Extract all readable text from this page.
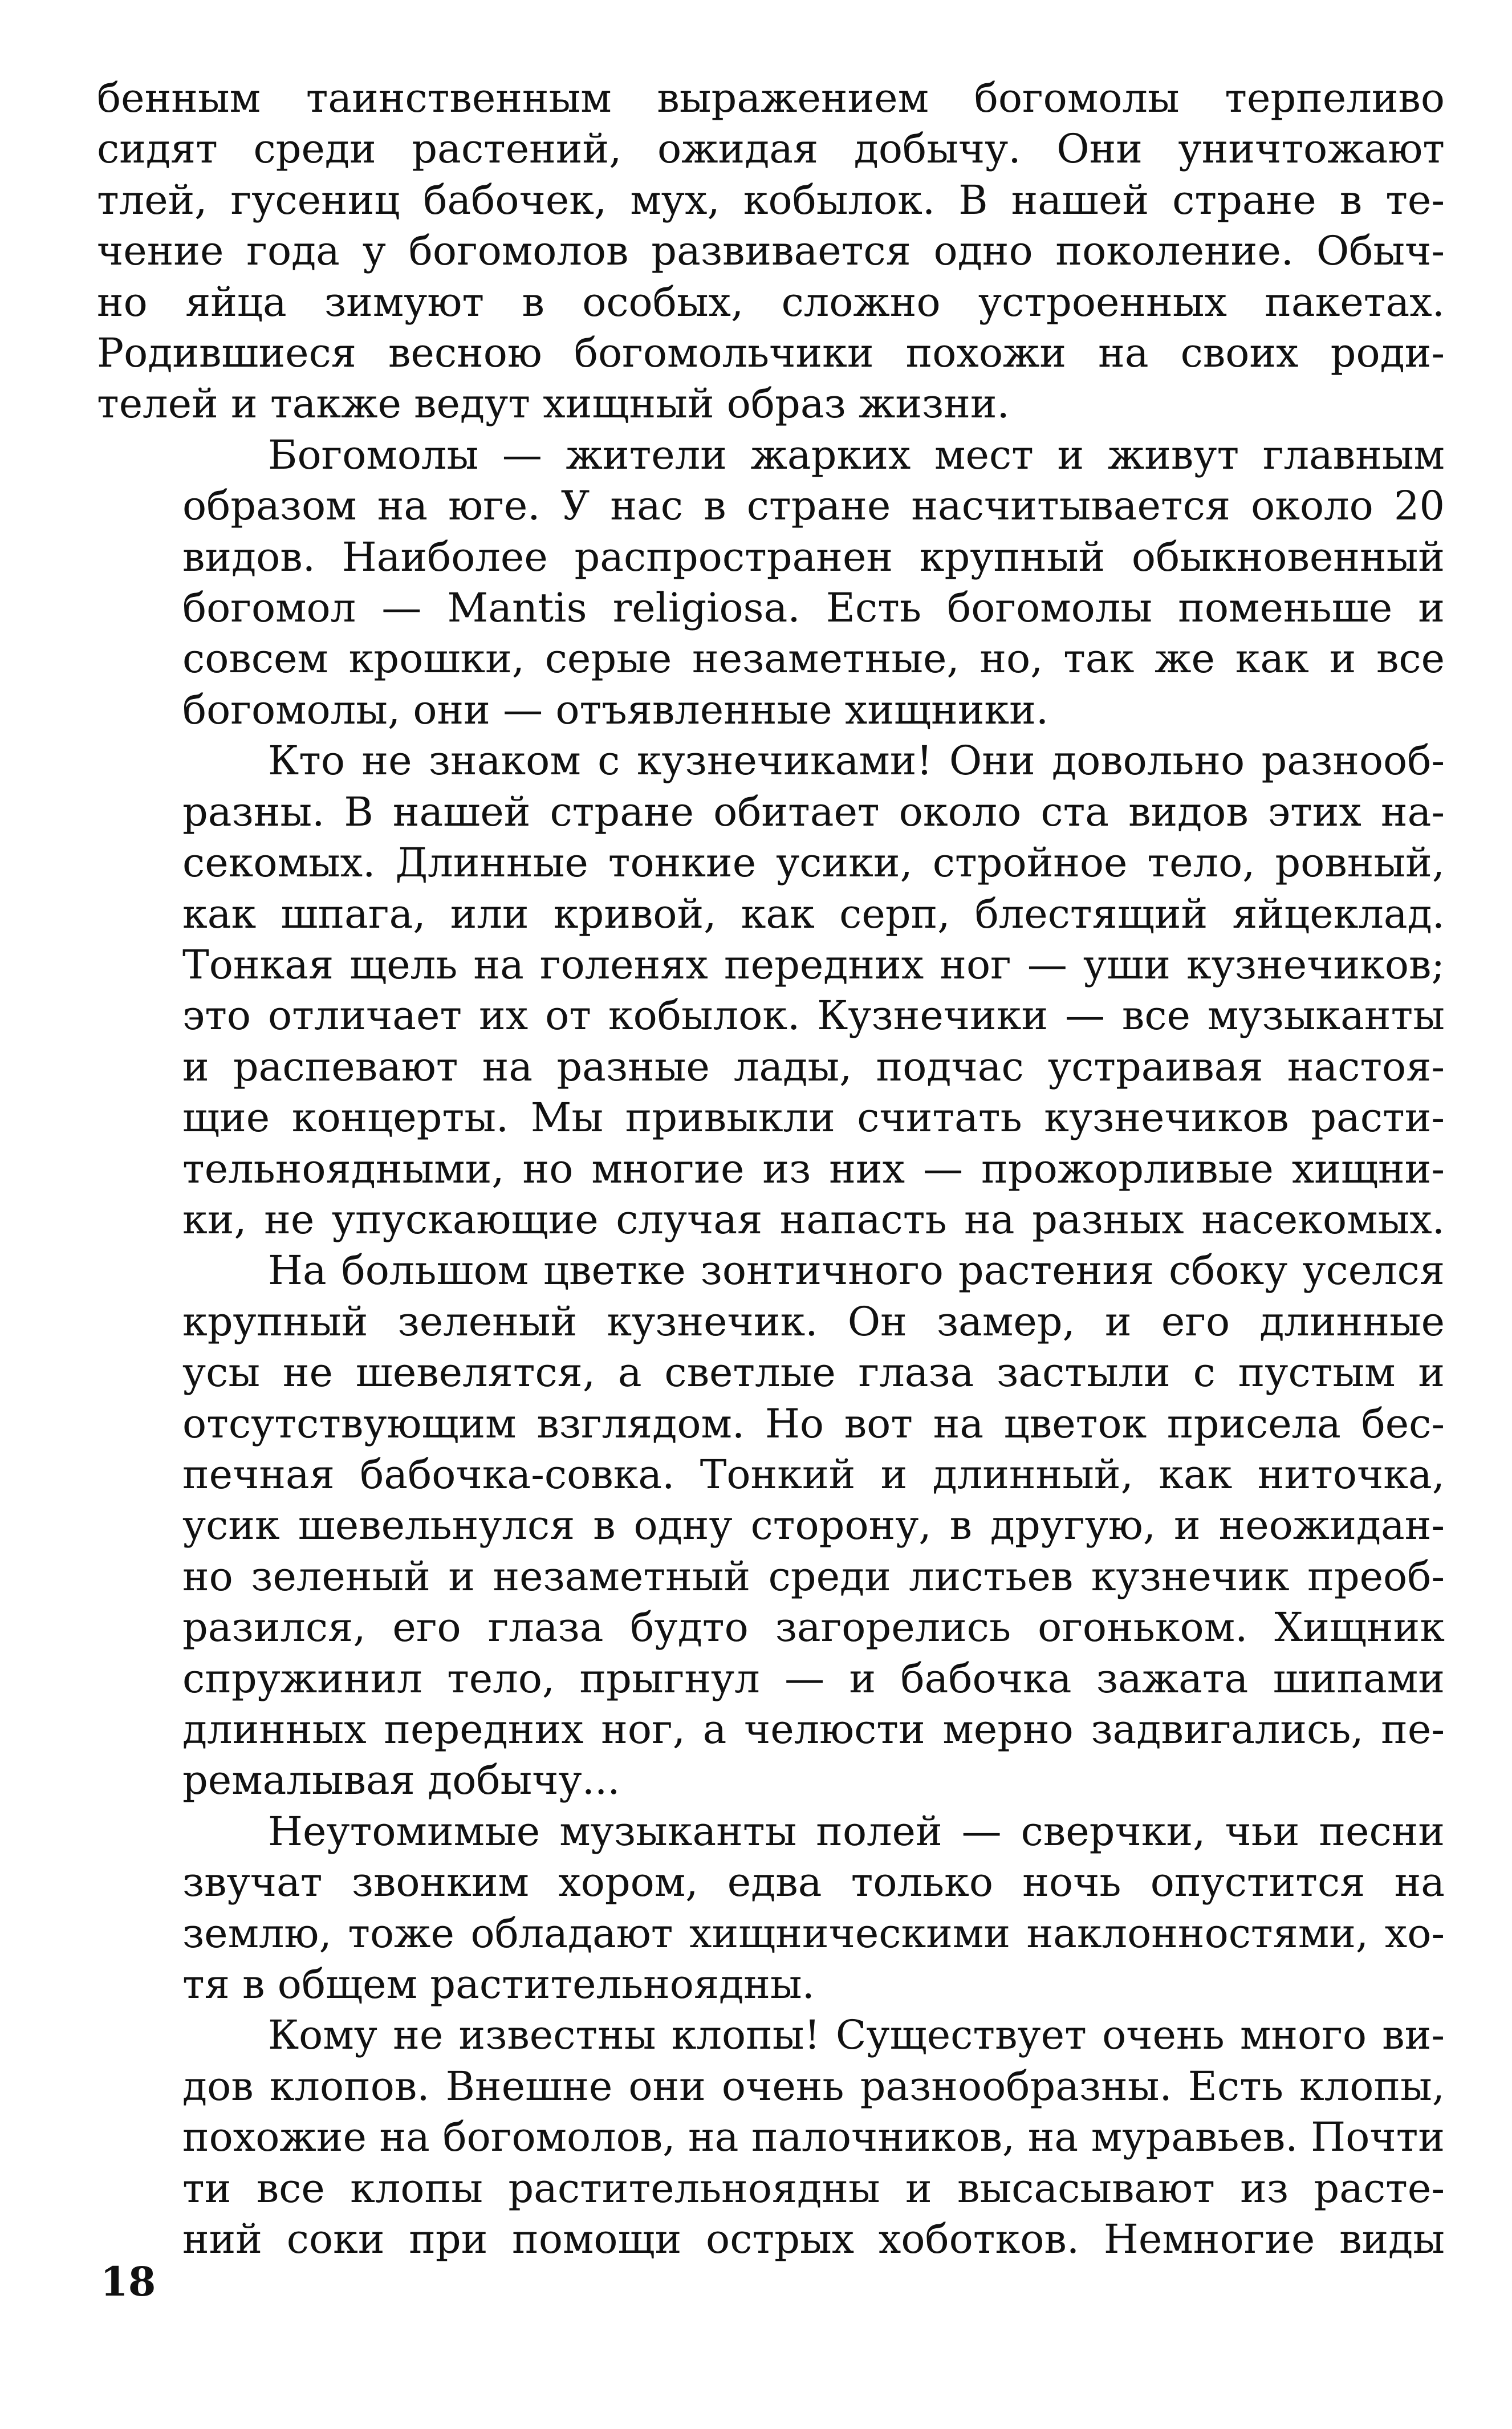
бенным таинственным выражением богомолы терпеливо
сидят среди растений, ожидая добычу. Они уничтожают
тлей, гусениц бабочек, мух, кобылок. В нашей стране в те-
чение года у богомолов развивается одно поколение. Обыч-
но яйца зимуют в особых, сложно устроенных пакетах.
Родившиеся весною богомольчики похожи на своих роди-
телей и также ведут хищный образ жизни.
Богомолы — жители жарких мест и живут главным
образом на юге. У нас в стране насчитывается около 20
видов. Наиболее распространен крупный обыкновенный
богомол — Mantis religiosa. Есть богомолы поменьше и
совсем крошки, серые незаметные, но, так же как и все
богомолы, они — отъявленные хищники.
Кто не знаком с кузнечиками! Они довольно разнооб-
разны. В нашей стране обитает около ста видов этих на-
секомых. Длинные тонкие усики, стройное тело, ровный,
как шпага, или кривой, как серп, блестящий яйцеклад.
Тонкая щель на голенях передних ног — уши кузнечиков;
это отличает их от кобылок. Кузнечики — все музыканты
и распевают на разные лады, подчас устраивая настоя-
щие концерты. Мы привыкли считать кузнечиков расти-
тельноядными, но многие из них — прожорливые хищни-
ки, не упускающие случая напасть на разных насекомых.
На большом цветке зонтичного растения сбоку уселся
крупный зеленый кузнечик. Он замер, и его длинные
усы не шевелятся, а светлые глаза застыли с пустым и
отсутствующим взглядом. Но вот на цветок присела бес-
печная бабочка-совка. Тонкий и длинный, как ниточка,
усик шевельнулся в одну сторону, в другую, и неожидан-
но зеленый и незаметный среди листьев кузнечик преоб-
разился, его глаза будто загорелись огоньком. Хищник
спружинил тело, прыгнул — и бабочка зажата шипами
длинных передних ног, а челюсти мерно задвигались, пе-
ремалывая добычу...
Неутомимые музыканты полей — сверчки, чьи песни
звучат звонким хором, едва только ночь опустится на
землю, тоже обладают хищническими наклонностями, хо-
тя в общем растительноядны.
Кому не известны клопы! Существует очень много ви-
дов клопов. Внешне они очень разнообразны. Есть клопы,
похожие на богомолов, на палочников, на муравьев. Почти
ти все клопы растительноядны и высасывают из расте-
ний соки при помощи острых хоботков. Немногие виды
18
